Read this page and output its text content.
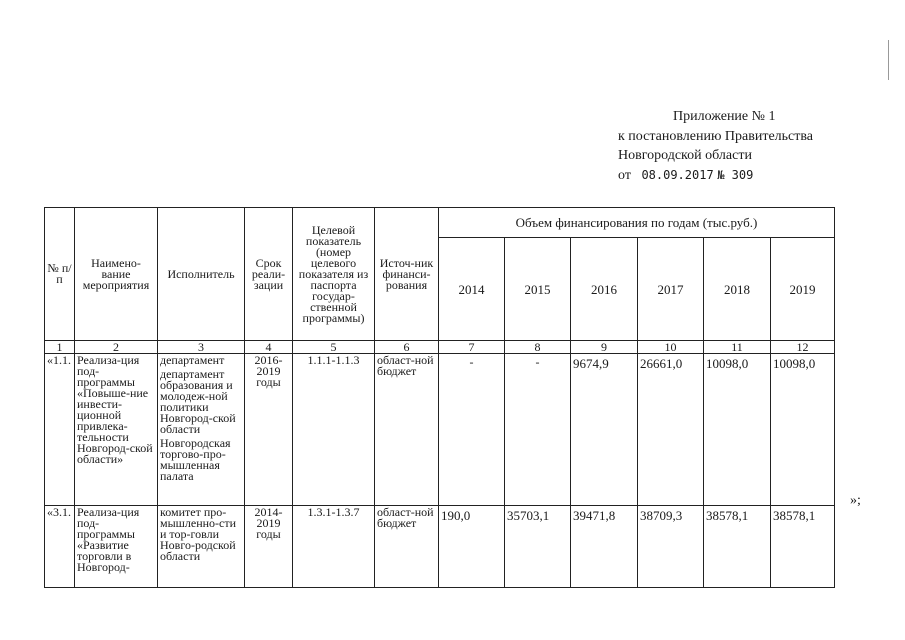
Приложение № 1
к постановлению Правительства
Новгородской области
от 08.09.2017 № 309
№ п/п	Наимено-вание мероприятия	Исполнитель	Срок реали-зации	Целевой показатель (номер целевого показателя из паспорта государ-ственной программы)	Источ-ник финанси-рования	Объем финансирования по годам (тыс.руб.)					
						2014	2015	2016	2017	2018	2019
1	2	3	4	5	6	7	8	9	10	11	12
«1.1.	Реализа-ция под-программы «Повыше-ние инвести-ционной привлека-тельности Новгород-ской области»	департамент
департамент образования и молодеж-ной политики Новгород-ской области
Новгородская торгово-про-мышленная палата	2016-2019 годы	1.1.1-1.1.3	област-ной бюджет	-	-	9674,9	26661,0	10098,0	10098,0
«3.1.	Реализа-ция под-программы «Развитие торговли в Новгород-	комитет про-мышленно-сти и тор-говли Новго-родской области	2014-2019 годы	1.3.1-1.3.7	област-ной бюджет	190,0	35703,1	39471,8	38709,3	38578,1	38578,1
»;
